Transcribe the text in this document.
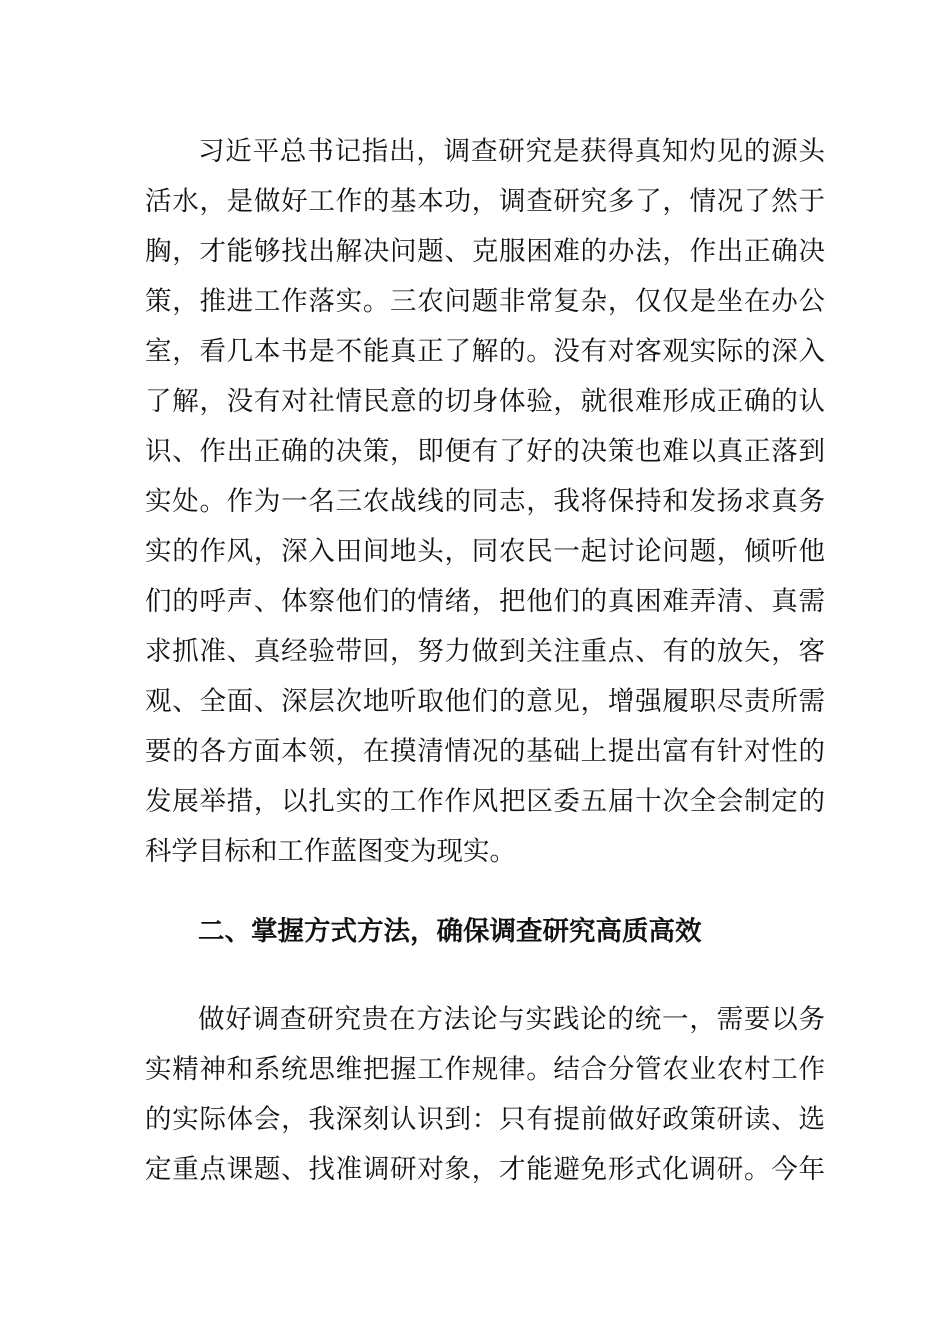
习近平总书记指出，调查研究是获得真知灼见的源头
活水，是做好工作的基本功，调查研究多了，情况了然于
胸，才能够找出解决问题、克服困难的办法，作出正确决
策，推进工作落实。三农问题非常复杂，仅仅是坐在办公
室，看几本书是不能真正了解的。没有对客观实际的深入
了解，没有对社情民意的切身体验，就很难形成正确的认
识、作出正确的决策，即便有了好的决策也难以真正落到
实处。作为一名三农战线的同志，我将保持和发扬求真务
实的作风，深入田间地头，同农民一起讨论问题，倾听他
们的呼声、体察他们的情绪，把他们的真困难弄清、真需
求抓准、真经验带回，努力做到关注重点、有的放矢，客
观、全面、深层次地听取他们的意见，增强履职尽责所需
要的各方面本领，在摸清情况的基础上提出富有针对性的
发展举措，以扎实的工作作风把区委五届十次全会制定的
科学目标和工作蓝图变为现实。
二、掌握方式方法，确保调查研究高质高效
做好调查研究贵在方法论与实践论的统一，需要以务
实精神和系统思维把握工作规律。结合分管农业农村工作
的实际体会，我深刻认识到：只有提前做好政策研读、选
定重点课题、找准调研对象，才能避免形式化调研。今年
